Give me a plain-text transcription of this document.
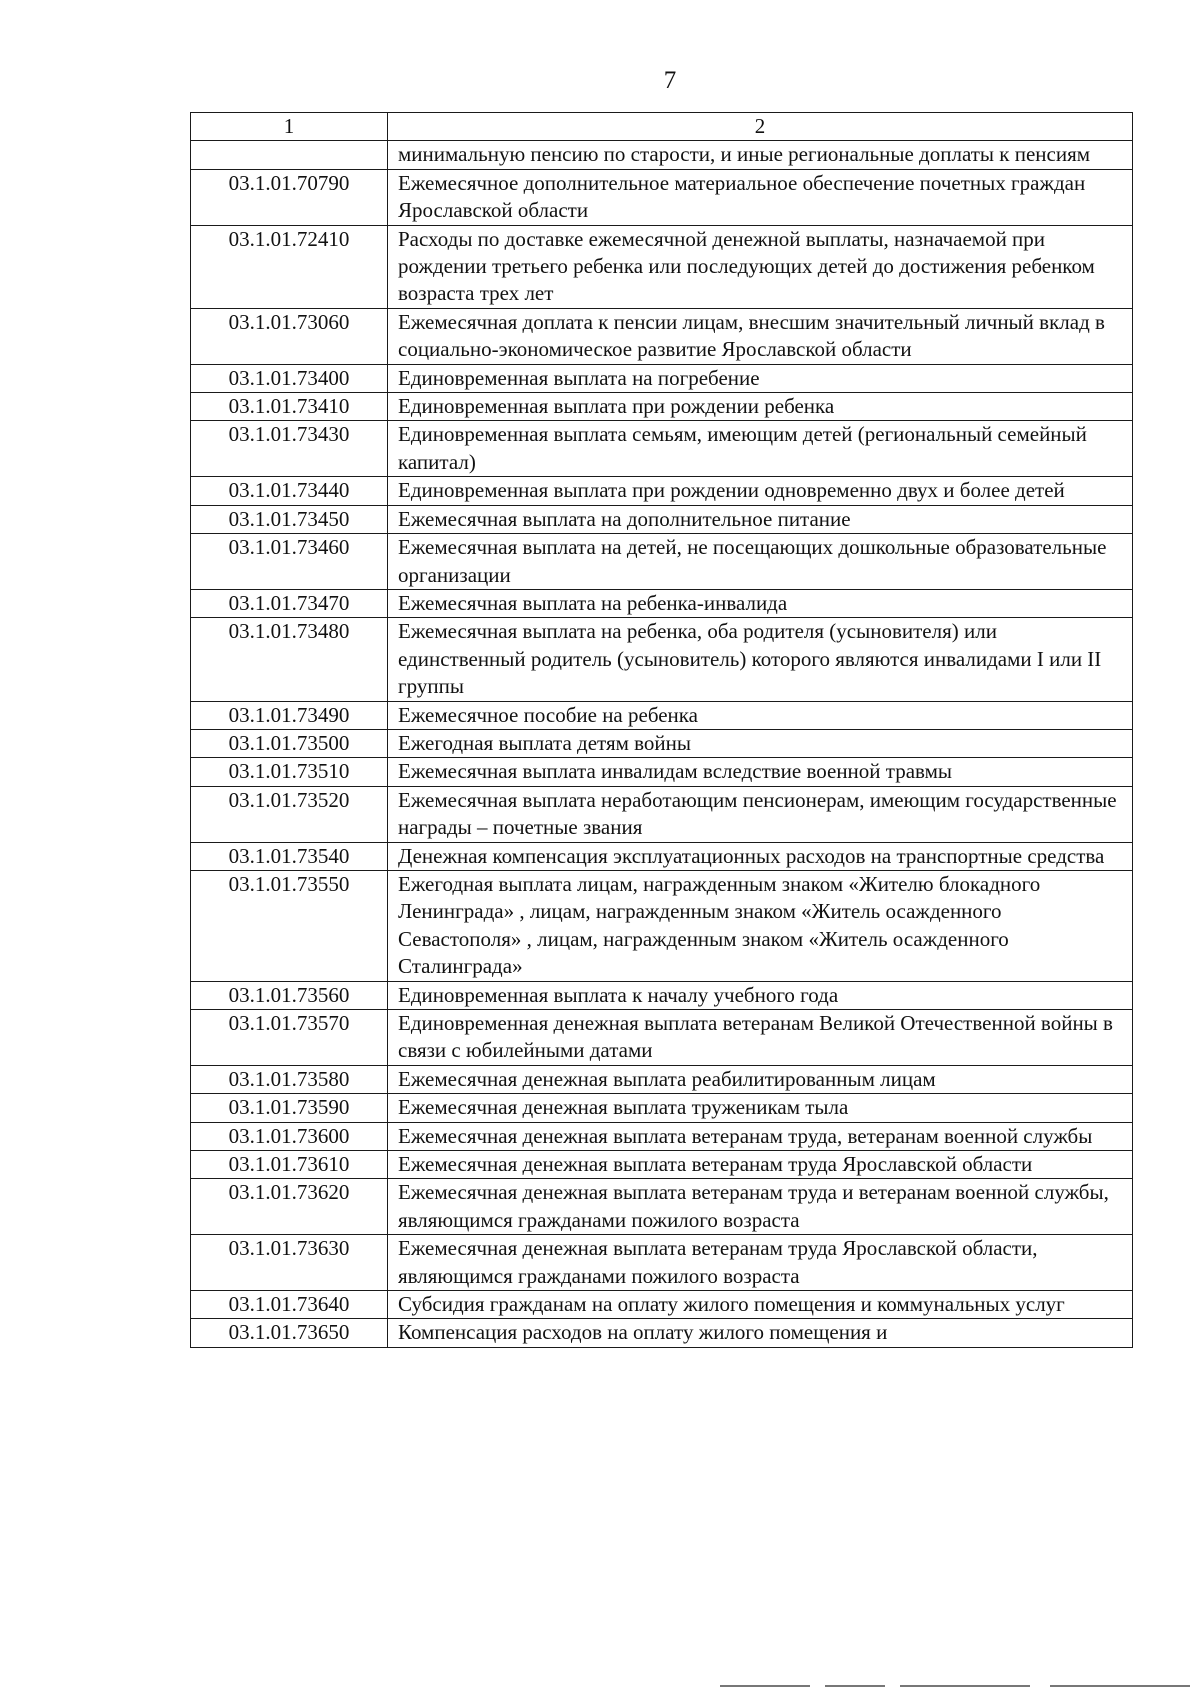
7
1	2
	минимальную пенсию по старости, и иные региональные доплаты к пенсиям
03.1.01.70790	Ежемесячное дополнительное материальное обеспечение почетных граждан Ярославской области
03.1.01.72410	Расходы по доставке ежемесячной денежной выплаты, назначаемой при рождении третьего ребенка или последующих детей до достижения ребенком возраста трех лет
03.1.01.73060	Ежемесячная доплата к пенсии лицам, внесшим значительный личный вклад в социально-экономическое развитие Ярославской области
03.1.01.73400	Единовременная выплата на погребение
03.1.01.73410	Единовременная выплата при рождении ребенка
03.1.01.73430	Единовременная выплата семьям, имеющим детей (региональный семейный капитал)
03.1.01.73440	Единовременная выплата при рождении одновременно двух и более детей
03.1.01.73450	Ежемесячная выплата на дополнительное питание
03.1.01.73460	Ежемесячная выплата на детей, не посещающих дошкольные образовательные организации
03.1.01.73470	Ежемесячная выплата на ребенка-инвалида
03.1.01.73480	Ежемесячная выплата на ребенка, оба родителя (усыновителя) или единственный родитель (усыновитель) которого являются инвалидами I или II группы
03.1.01.73490	Ежемесячное пособие на ребенка
03.1.01.73500	Ежегодная выплата детям войны
03.1.01.73510	Ежемесячная выплата инвалидам вследствие военной травмы
03.1.01.73520	Ежемесячная выплата неработающим пенсионерам, имеющим государственные награды – почетные звания
03.1.01.73540	Денежная компенсация эксплуатационных расходов на транспортные средства
03.1.01.73550	Ежегодная выплата лицам, награжденным знаком «Жителю блокадного Ленинграда» , лицам, награжденным знаком «Житель осажденного Севастополя» , лицам, награжденным знаком «Житель осажденного Сталинграда»
03.1.01.73560	Единовременная выплата к началу учебного года
03.1.01.73570	Единовременная денежная выплата ветеранам Великой Отечественной войны в связи с юбилейными датами
03.1.01.73580	Ежемесячная денежная выплата реабилитированным лицам
03.1.01.73590	Ежемесячная денежная выплата труженикам тыла
03.1.01.73600	Ежемесячная денежная выплата ветеранам труда, ветеранам военной службы
03.1.01.73610	Ежемесячная денежная выплата ветеранам труда Ярославской области
03.1.01.73620	Ежемесячная денежная выплата ветеранам труда и ветеранам военной службы, являющимся гражданами пожилого возраста
03.1.01.73630	Ежемесячная денежная выплата ветеранам труда Ярославской области, являющимся гражданами пожилого возраста
03.1.01.73640	Субсидия гражданам на оплату жилого помещения и коммунальных услуг
03.1.01.73650	Компенсация расходов на оплату жилого помещения и
